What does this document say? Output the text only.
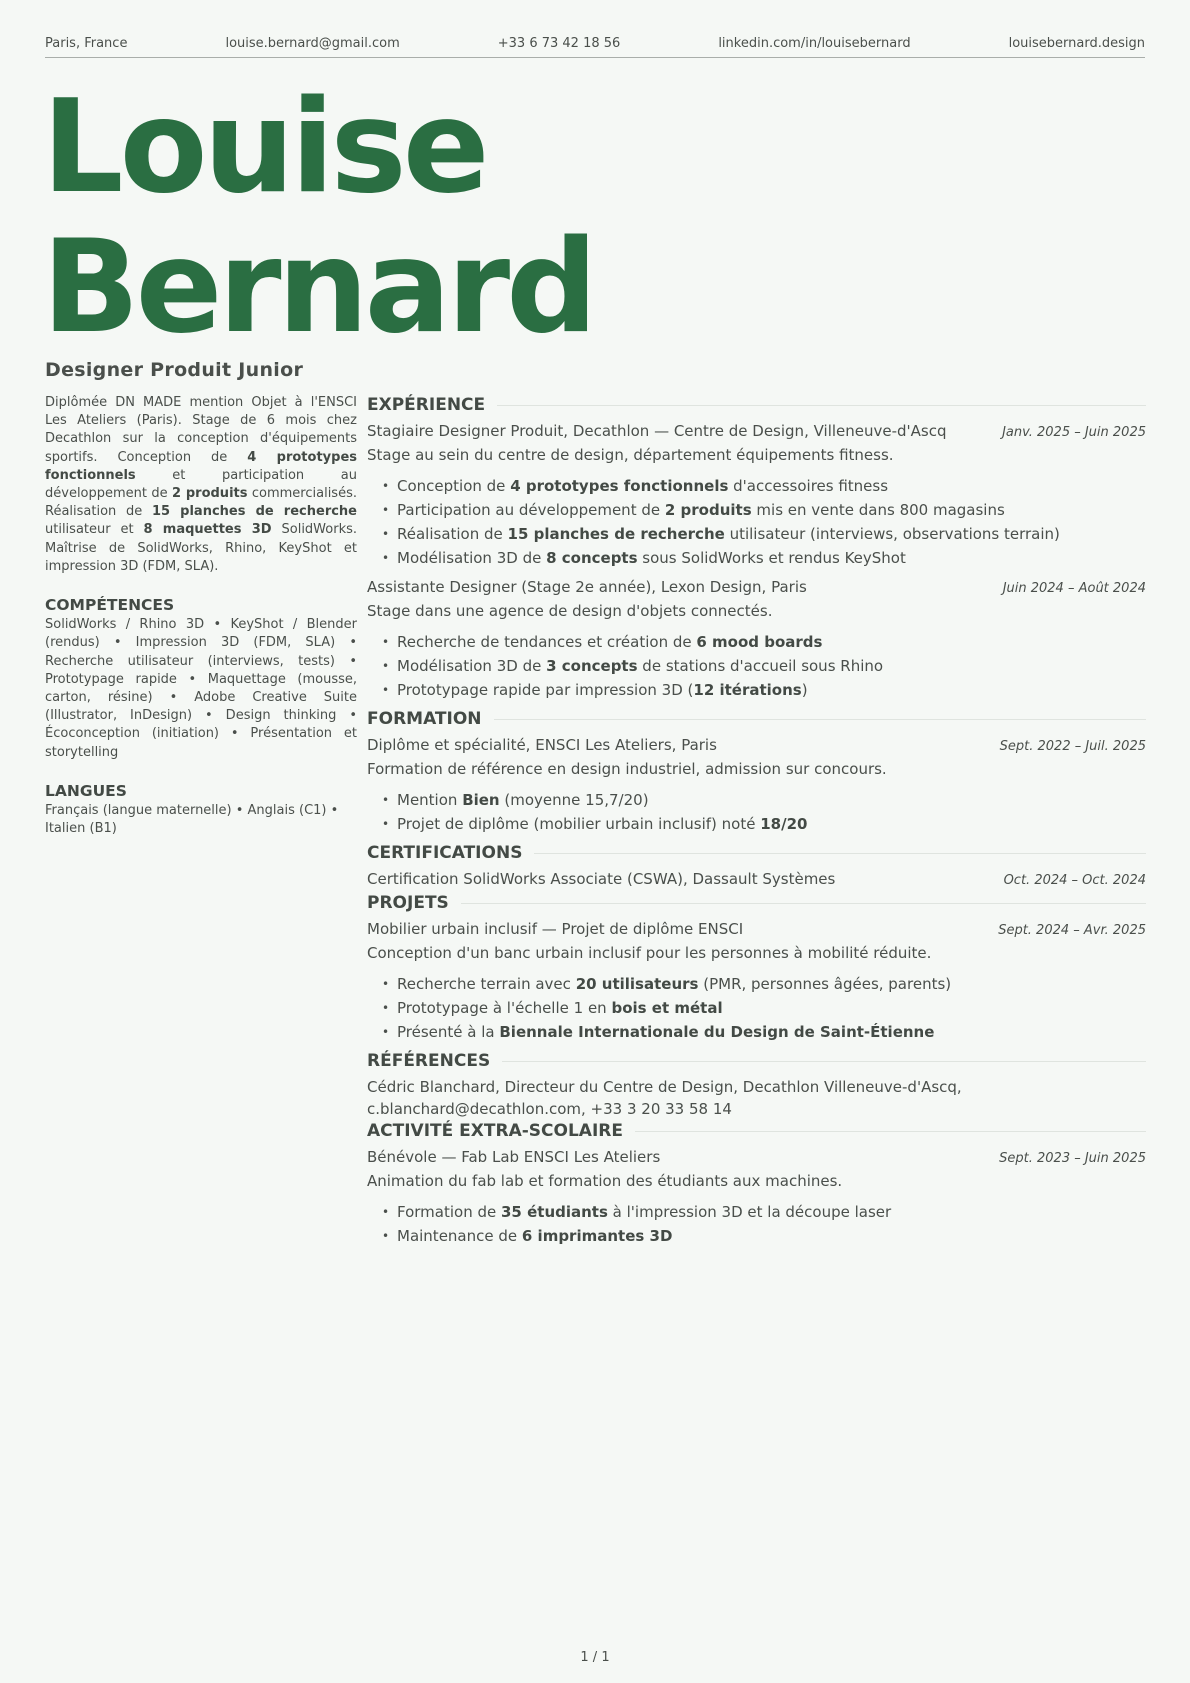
Paris, France	louise.bernard@gmail.com	+33 6 73 42 18 56	linkedin.com/in/louisebernard	louisebernard.design
Louise
Bernard
Designer Produit Junior

Diplômée DN MADE mention Objet à l'ENSCI Les Ateliers (Paris). Stage de 6 mois chez Decathlon sur la conception d'équipements sportifs. Conception de 4 prototypes fonctionnels et participation au développement de 2 produits commercialisés. Réalisation de 15 planches de recherche utilisateur et 8 maquettes 3D SolidWorks. Maîtrise de SolidWorks, Rhino, KeyShot et impression 3D (FDM, SLA).

COMPÉTENCES

SolidWorks / Rhino 3D • KeyShot / Blender (rendus) • Impression 3D (FDM, SLA) • Recherche utilisateur (interviews, tests) • Prototypage rapide • Maquettage (mousse, carton, résine) • Adobe Creative Suite (Illustrator, InDesign) • Design thinking • Écoconception (initiation) • Présentation et storytelling

LANGUES

Français (langue maternelle) • Anglais (C1) • Italien (B1)

EXPÉRIENCE
Stagiaire Designer Produit, Decathlon — Centre de Design, Villeneuve-d'Ascq	Janv. 2025 – Juin 2025
Stage au sein du centre de design, département équipements fitness.
• Conception de 4 prototypes fonctionnels d'accessoires fitness
• Participation au développement de 2 produits mis en vente dans 800 magasins
• Réalisation de 15 planches de recherche utilisateur (interviews, observations terrain)
• Modélisation 3D de 8 concepts sous SolidWorks et rendus KeyShot
Assistante Designer (Stage 2e année), Lexon Design, Paris	Juin 2024 – Août 2024
Stage dans une agence de design d'objets connectés.
• Recherche de tendances et création de 6 mood boards
• Modélisation 3D de 3 concepts de stations d'accueil sous Rhino
• Prototypage rapide par impression 3D (12 itérations)
FORMATION
Diplôme et spécialité, ENSCI Les Ateliers, Paris	Sept. 2022 – Juil. 2025
Formation de référence en design industriel, admission sur concours.
• Mention Bien (moyenne 15,7/20)
• Projet de diplôme (mobilier urbain inclusif) noté 18/20
CERTIFICATIONS
Certification SolidWorks Associate (CSWA), Dassault Systèmes	Oct. 2024 – Oct. 2024
PROJETS
Mobilier urbain inclusif — Projet de diplôme ENSCI	Sept. 2024 – Avr. 2025
Conception d'un banc urbain inclusif pour les personnes à mobilité réduite.
• Recherche terrain avec 20 utilisateurs (PMR, personnes âgées, parents)
• Prototypage à l'échelle 1 en bois et métal
• Présenté à la Biennale Internationale du Design de Saint-Étienne
RÉFÉRENCES
Cédric Blanchard, Directeur du Centre de Design, Decathlon Villeneuve-d'Ascq, c.blanchard@decathlon.com, +33 3 20 33 58 14
ACTIVITÉ EXTRA-SCOLAIRE
Bénévole — Fab Lab ENSCI Les Ateliers	Sept. 2023 – Juin 2025
Animation du fab lab et formation des étudiants aux machines.
• Formation de 35 étudiants à l'impression 3D et la découpe laser
• Maintenance de 6 imprimantes 3D
1 / 1
